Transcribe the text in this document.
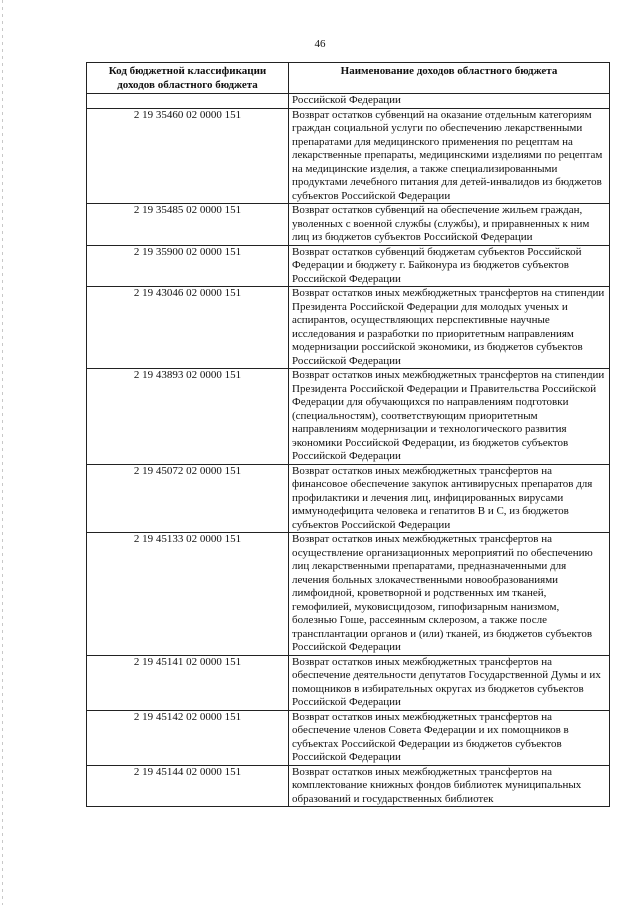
46
Код бюджетной классификации доходов областного бюджета	Наименование доходов областного бюджета
	Российской Федерации
2 19 35460 02 0000 151	Возврат остатков субвенций на оказание отдельным категориям граждан социальной услуги по обеспечению лекарственными препаратами для медицинского применения по рецептам на лекарственные препараты, медицинскими изделиями по рецептам на медицинские изделия, а также специализированными продуктами лечебного питания для детей-инвалидов из бюджетов субъектов Российской Федерации
2 19 35485 02 0000 151	Возврат остатков субвенций на обеспечение жильем граждан, уволенных с военной службы (службы), и приравненных к ним лиц из бюджетов субъектов Российской Федерации
2 19 35900 02 0000 151	Возврат остатков субвенций бюджетам субъектов Российской Федерации и бюджету г. Байконура из бюджетов субъектов Российской Федерации
2 19 43046 02 0000 151	Возврат остатков иных межбюджетных трансфертов на стипендии Президента Российской Федерации для молодых ученых и аспирантов, осуществляющих перспективные научные исследования и разработки по приоритетным направлениям модернизации российской экономики, из бюджетов субъектов Российской Федерации
2 19 43893 02 0000 151	Возврат остатков иных межбюджетных трансфертов на стипендии Президента Российской Федерации и Правительства Российской Федерации для обучающихся по направлениям подготовки (специальностям), соответствующим приоритетным направлениям модернизации и технологического развития экономики Российской Федерации, из бюджетов субъектов Российской Федерации
2 19 45072 02 0000 151	Возврат остатков иных межбюджетных трансфертов на финансовое обеспечение закупок антивирусных препаратов для профилактики и лечения лиц, инфицированных вирусами иммунодефицита человека и гепатитов B и C, из бюджетов субъектов Российской Федерации
2 19 45133 02 0000 151	Возврат остатков иных межбюджетных трансфертов на осуществление организационных мероприятий по обеспечению лиц лекарственными препаратами, предназначенными для лечения больных злокачественными новообразованиями лимфоидной, кроветворной и родственных им тканей, гемофилией, муковисцидозом, гипофизарным нанизмом, болезнью Гоше, рассеянным склерозом, а также после трансплантации органов и (или) тканей, из бюджетов субъектов Российской Федерации
2 19 45141 02 0000 151	Возврат остатков иных межбюджетных трансфертов на обеспечение деятельности депутатов Государственной Думы и их помощников в избирательных округах из бюджетов субъектов Российской Федерации
2 19 45142 02 0000 151	Возврат остатков иных межбюджетных трансфертов на обеспечение членов Совета Федерации и их помощников в субъектах Российской Федерации из бюджетов субъектов Российской Федерации
2 19 45144 02 0000 151	Возврат остатков иных межбюджетных трансфертов на комплектование книжных фондов библиотек муниципальных образований и государственных библиотек
